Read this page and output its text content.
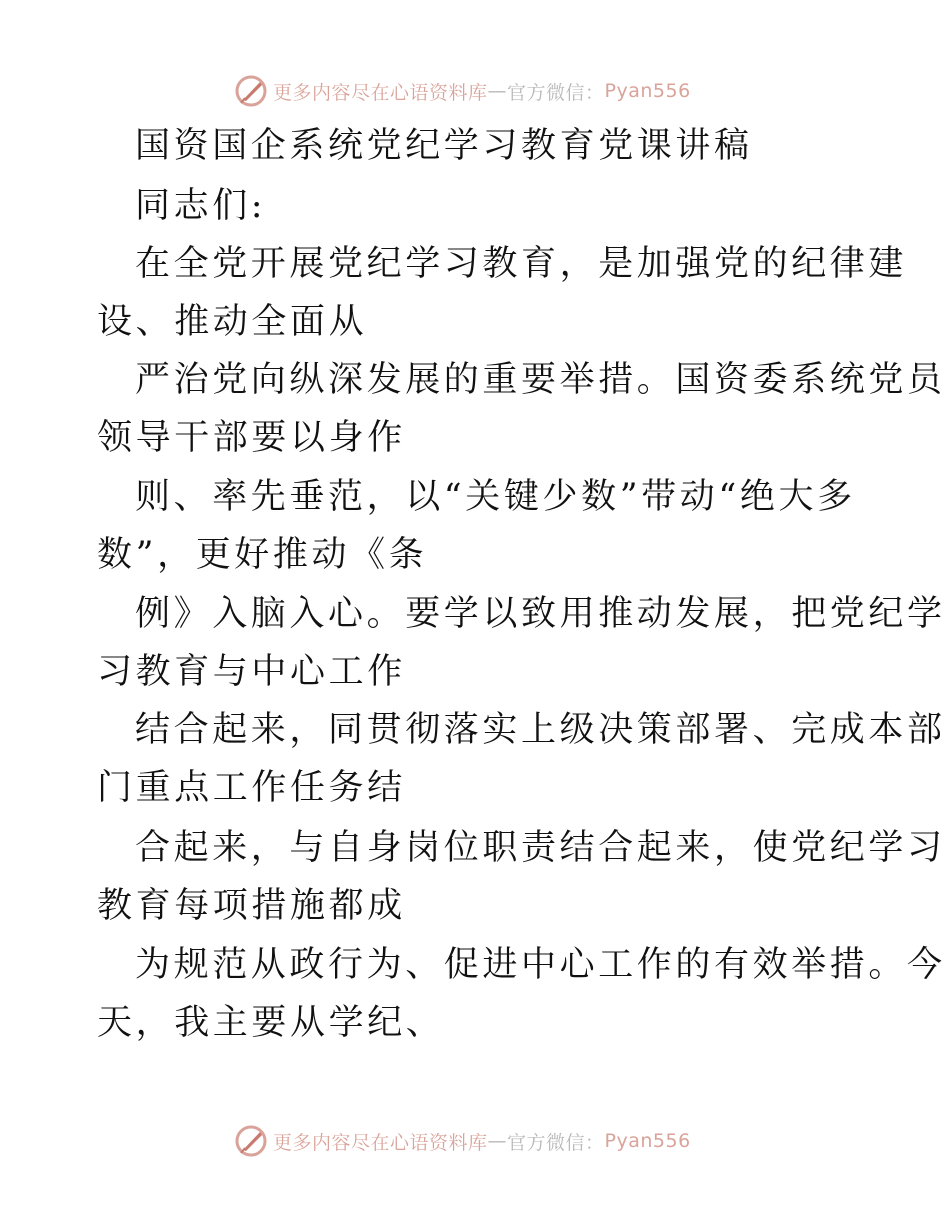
更多内容尽在心语资料库 — 官方微信： Pyan556
国资国企系统党纪学习教育党课讲稿
同志们:
在全党开展党纪学习教育，是加强党的纪律建
设、推动全面从
严治党向纵深发展的重要举措。国资委系统党员
领导干部要以身作
则、率先垂范，以“关键少数”带动“绝大多
数”，更好推动《条
例》入脑入心。要学以致用推动发展，把党纪学
习教育与中心工作
结合起来，同贯彻落实上级决策部署、完成本部
门重点工作任务结
合起来，与自身岗位职责结合起来，使党纪学习
教育每项措施都成
为规范从政行为、促进中心工作的有效举措。今
天，我主要从学纪、
更多内容尽在心语资料库 — 官方微信： Pyan556
